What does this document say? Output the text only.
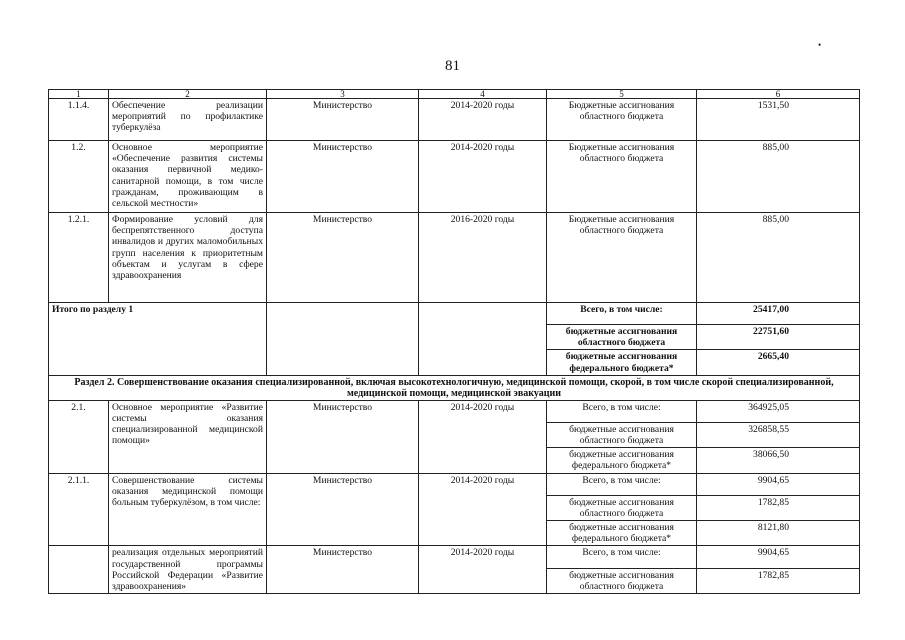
81
•
1	2	3	4	5	6
1.1.4.	Обеспечение реализации мероприятий по профилактике туберкулёза	Министерство	2014-2020 годы	Бюджетные ассигнования областного бюджета	1531,50
1.2.	Основное мероприятие «Обеспечение развития системы оказания первичной медико-санитарной помощи, в том числе гражданам, проживающим в сельской местности»	Министерство	2014-2020 годы	Бюджетные ассигнования областного бюджета	885,00
1.2.1.	Формирование условий для беспрепятственного доступа инвалидов и других маломобильных групп населения к приоритетным объектам и услугам в сфере здравоохранения	Министерство	2016-2020 годы	Бюджетные ассигнования областного бюджета	885,00
Итого по разделу 1				Всего, в том числе:	25417,00
				бюджетные ассигнования областного бюджета	22751,60
				бюджетные ассигнования федерального бюджета*	2665,40
Раздел 2. Совершенствование оказания специализированной, включая высокотехнологичную, медицинской помощи, скорой, в том числе скорой специализированной, медицинской помощи, медицинской эвакуации					
2.1.	Основное мероприятие «Развитие системы оказания специализированной медицинской помощи»	Министерство	2014-2020 годы	Всего, в том числе:	364925,05
				бюджетные ассигнования областного бюджета	326858,55
				бюджетные ассигнования федерального бюджета*	38066,50
2.1.1.	Совершенствование системы оказания медицинской помощи больным туберкулёзом, в том числе:	Министерство	2014-2020 годы	Всего, в том числе:	9904,65
				бюджетные ассигнования областного бюджета	1782,85
				бюджетные ассигнования федерального бюджета*	8121,80
	реализация отдельных мероприятий государственной программы Российской Федерации «Развитие здравоохранения»	Министерство	2014-2020 годы	Всего, в том числе:	9904,65
				бюджетные ассигнования областного бюджета	1782,85
